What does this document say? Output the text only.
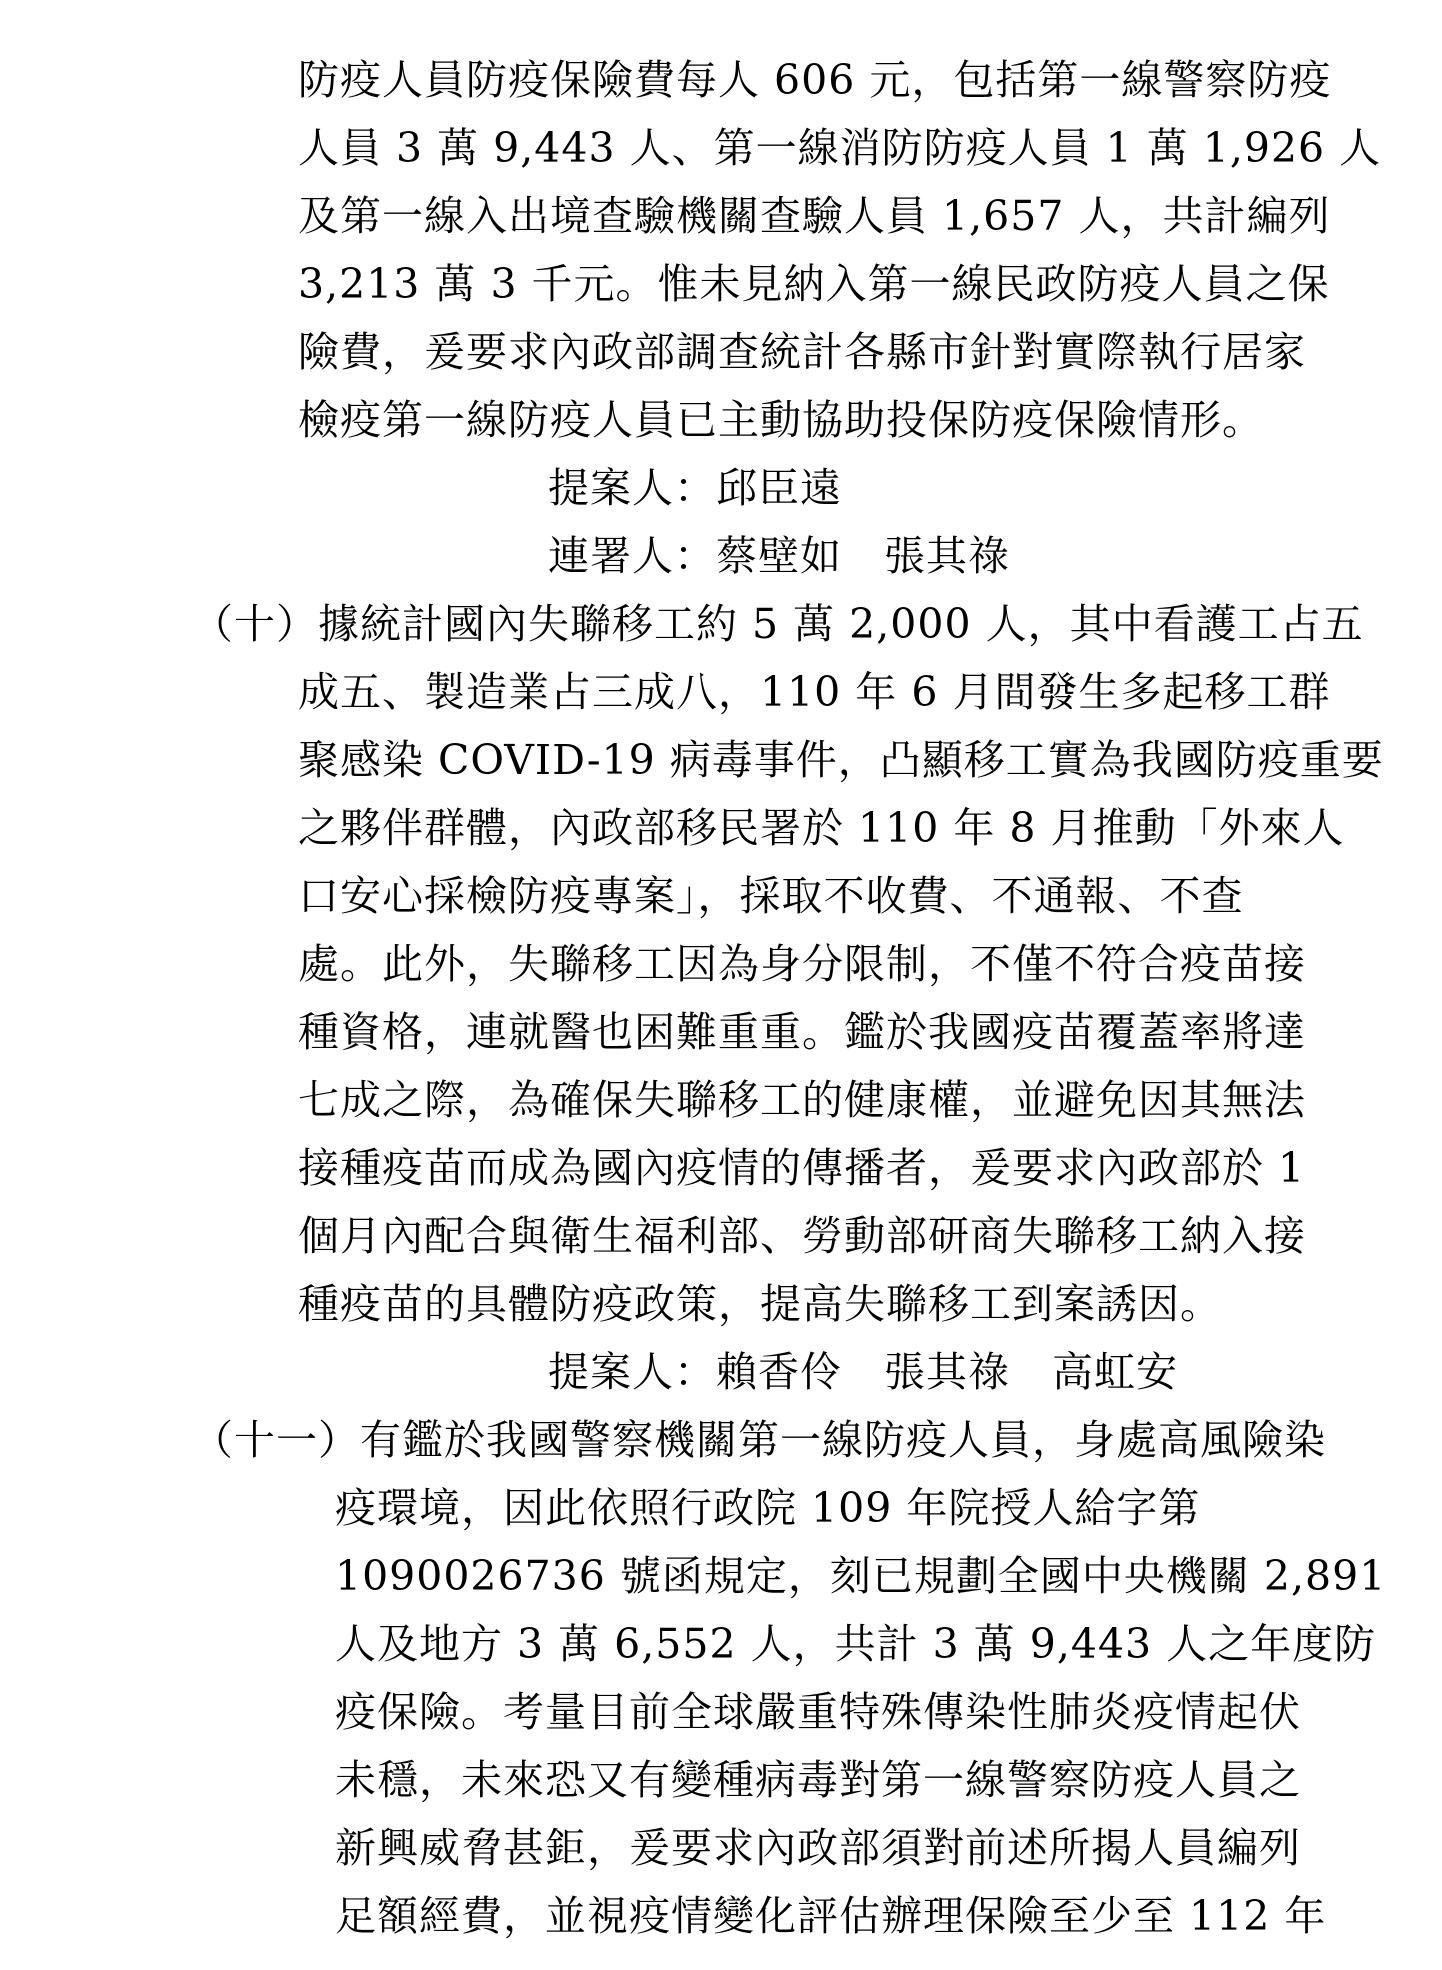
防疫人員防疫保險費每人 606 元，包括第一線警察防疫
人員 3 萬 9,443 人、第一線消防防疫人員 1 萬 1,926 人
及第一線入出境查驗機關查驗人員 1,657 人，共計編列
3,213 萬 3 千元。惟未見納入第一線民政防疫人員之保
險費，爰要求內政部調查統計各縣市針對實際執行居家
檢疫第一線防疫人員已主動協助投保防疫保險情形。
提案人：邱臣遠
連署人：蔡壁如　張其祿
（十）據統計國內失聯移工約 5 萬 2,000 人，其中看護工占五
成五、製造業占三成八，110 年 6 月間發生多起移工群
聚感染 COVID-19 病毒事件，凸顯移工實為我國防疫重要
之夥伴群體，內政部移民署於 110 年 8 月推動「外來人
口安心採檢防疫專案」，採取不收費、不通報、不查
處。此外，失聯移工因為身分限制，不僅不符合疫苗接
種資格，連就醫也困難重重。鑑於我國疫苗覆蓋率將達
七成之際，為確保失聯移工的健康權，並避免因其無法
接種疫苗而成為國內疫情的傳播者，爰要求內政部於 1
個月內配合與衛生福利部、勞動部研商失聯移工納入接
種疫苗的具體防疫政策，提高失聯移工到案誘因。
提案人：賴香伶　張其祿　高虹安
（十一）有鑑於我國警察機關第一線防疫人員，身處高風險染
疫環境，因此依照行政院 109 年院授人給字第
1090026736 號函規定，刻已規劃全國中央機關 2,891
人及地方 3 萬 6,552 人，共計 3 萬 9,443 人之年度防
疫保險。考量目前全球嚴重特殊傳染性肺炎疫情起伏
未穩，未來恐又有變種病毒對第一線警察防疫人員之
新興威脅甚鉅，爰要求內政部須對前述所揭人員編列
足額經費，並視疫情變化評估辦理保險至少至 112 年
